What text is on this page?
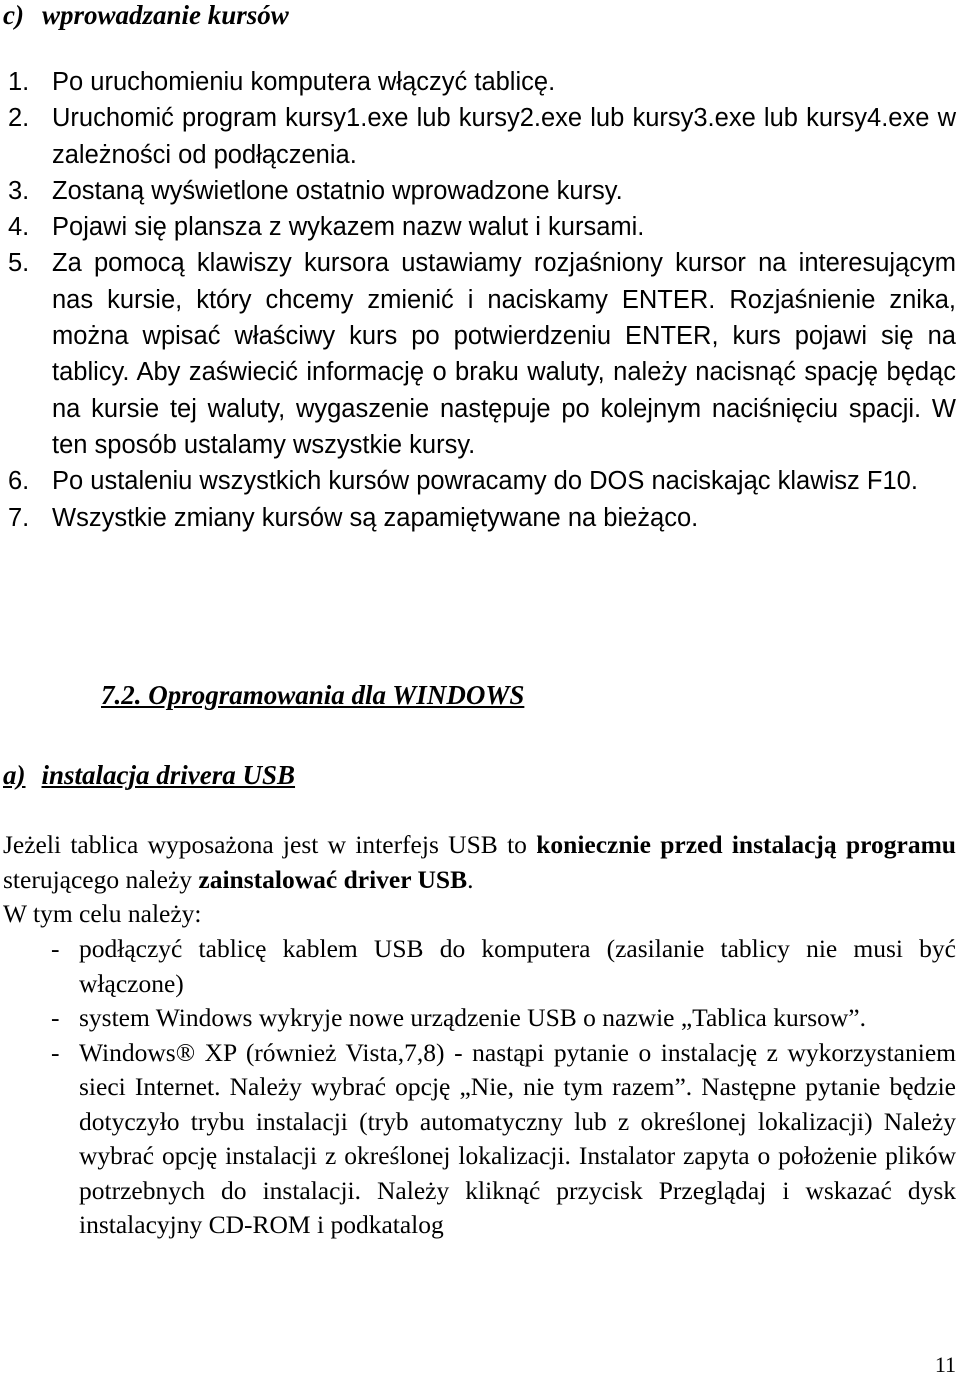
c) wprowadzanie kursów
1. Po uruchomieniu komputera włączyć tablicę.
2. Uruchomić program kursy1.exe lub kursy2.exe lub kursy3.exe lub kursy4.exe w zależności od podłączenia.
3. Zostaną wyświetlone ostatnio wprowadzone kursy.
4. Pojawi się plansza z wykazem nazw walut i kursami.
5. Za pomocą klawiszy kursora ustawiamy rozjaśniony kursor na interesującym nas kursie, który chcemy zmienić i naciskamy ENTER. Rozjaśnienie znika, można wpisać właściwy kurs po potwierdzeniu ENTER, kurs pojawi się na tablicy. Aby zaświecić informację o braku waluty, należy nacisnąć spację będąc na kursie tej waluty, wygaszenie następuje po kolejnym naciśnięciu spacji. W ten sposób ustalamy wszystkie kursy.
6. Po ustaleniu wszystkich kursów powracamy do DOS naciskając klawisz F10.
7. Wszystkie zmiany kursów są zapamiętywane na bieżąco.
7.2. Oprogramowania dla WINDOWS
a) instalacja drivera USB
Jeżeli tablica wyposażona jest w interfejs USB to koniecznie przed instalacją programu sterującego należy zainstalować driver USB.
W tym celu należy:
- podłączyć tablicę kablem USB do komputera (zasilanie tablicy nie musi być włączone)
- system Windows wykryje nowe urządzenie USB o nazwie „Tablica kursow”.
- Windows® XP (również Vista,7,8) - nastąpi pytanie o instalację z wykorzystaniem sieci Internet. Należy wybrać opcję „Nie, nie tym razem”. Następne pytanie będzie dotyczyło trybu instalacji (tryb automatyczny lub z określonej lokalizacji) Należy wybrać opcję instalacji z określonej lokalizacji. Instalator zapyta o położenie plików potrzebnych do instalacji. Należy kliknąć przycisk Przeglądaj i wskazać dysk instalacyjny CD-ROM i podkatalog
11
